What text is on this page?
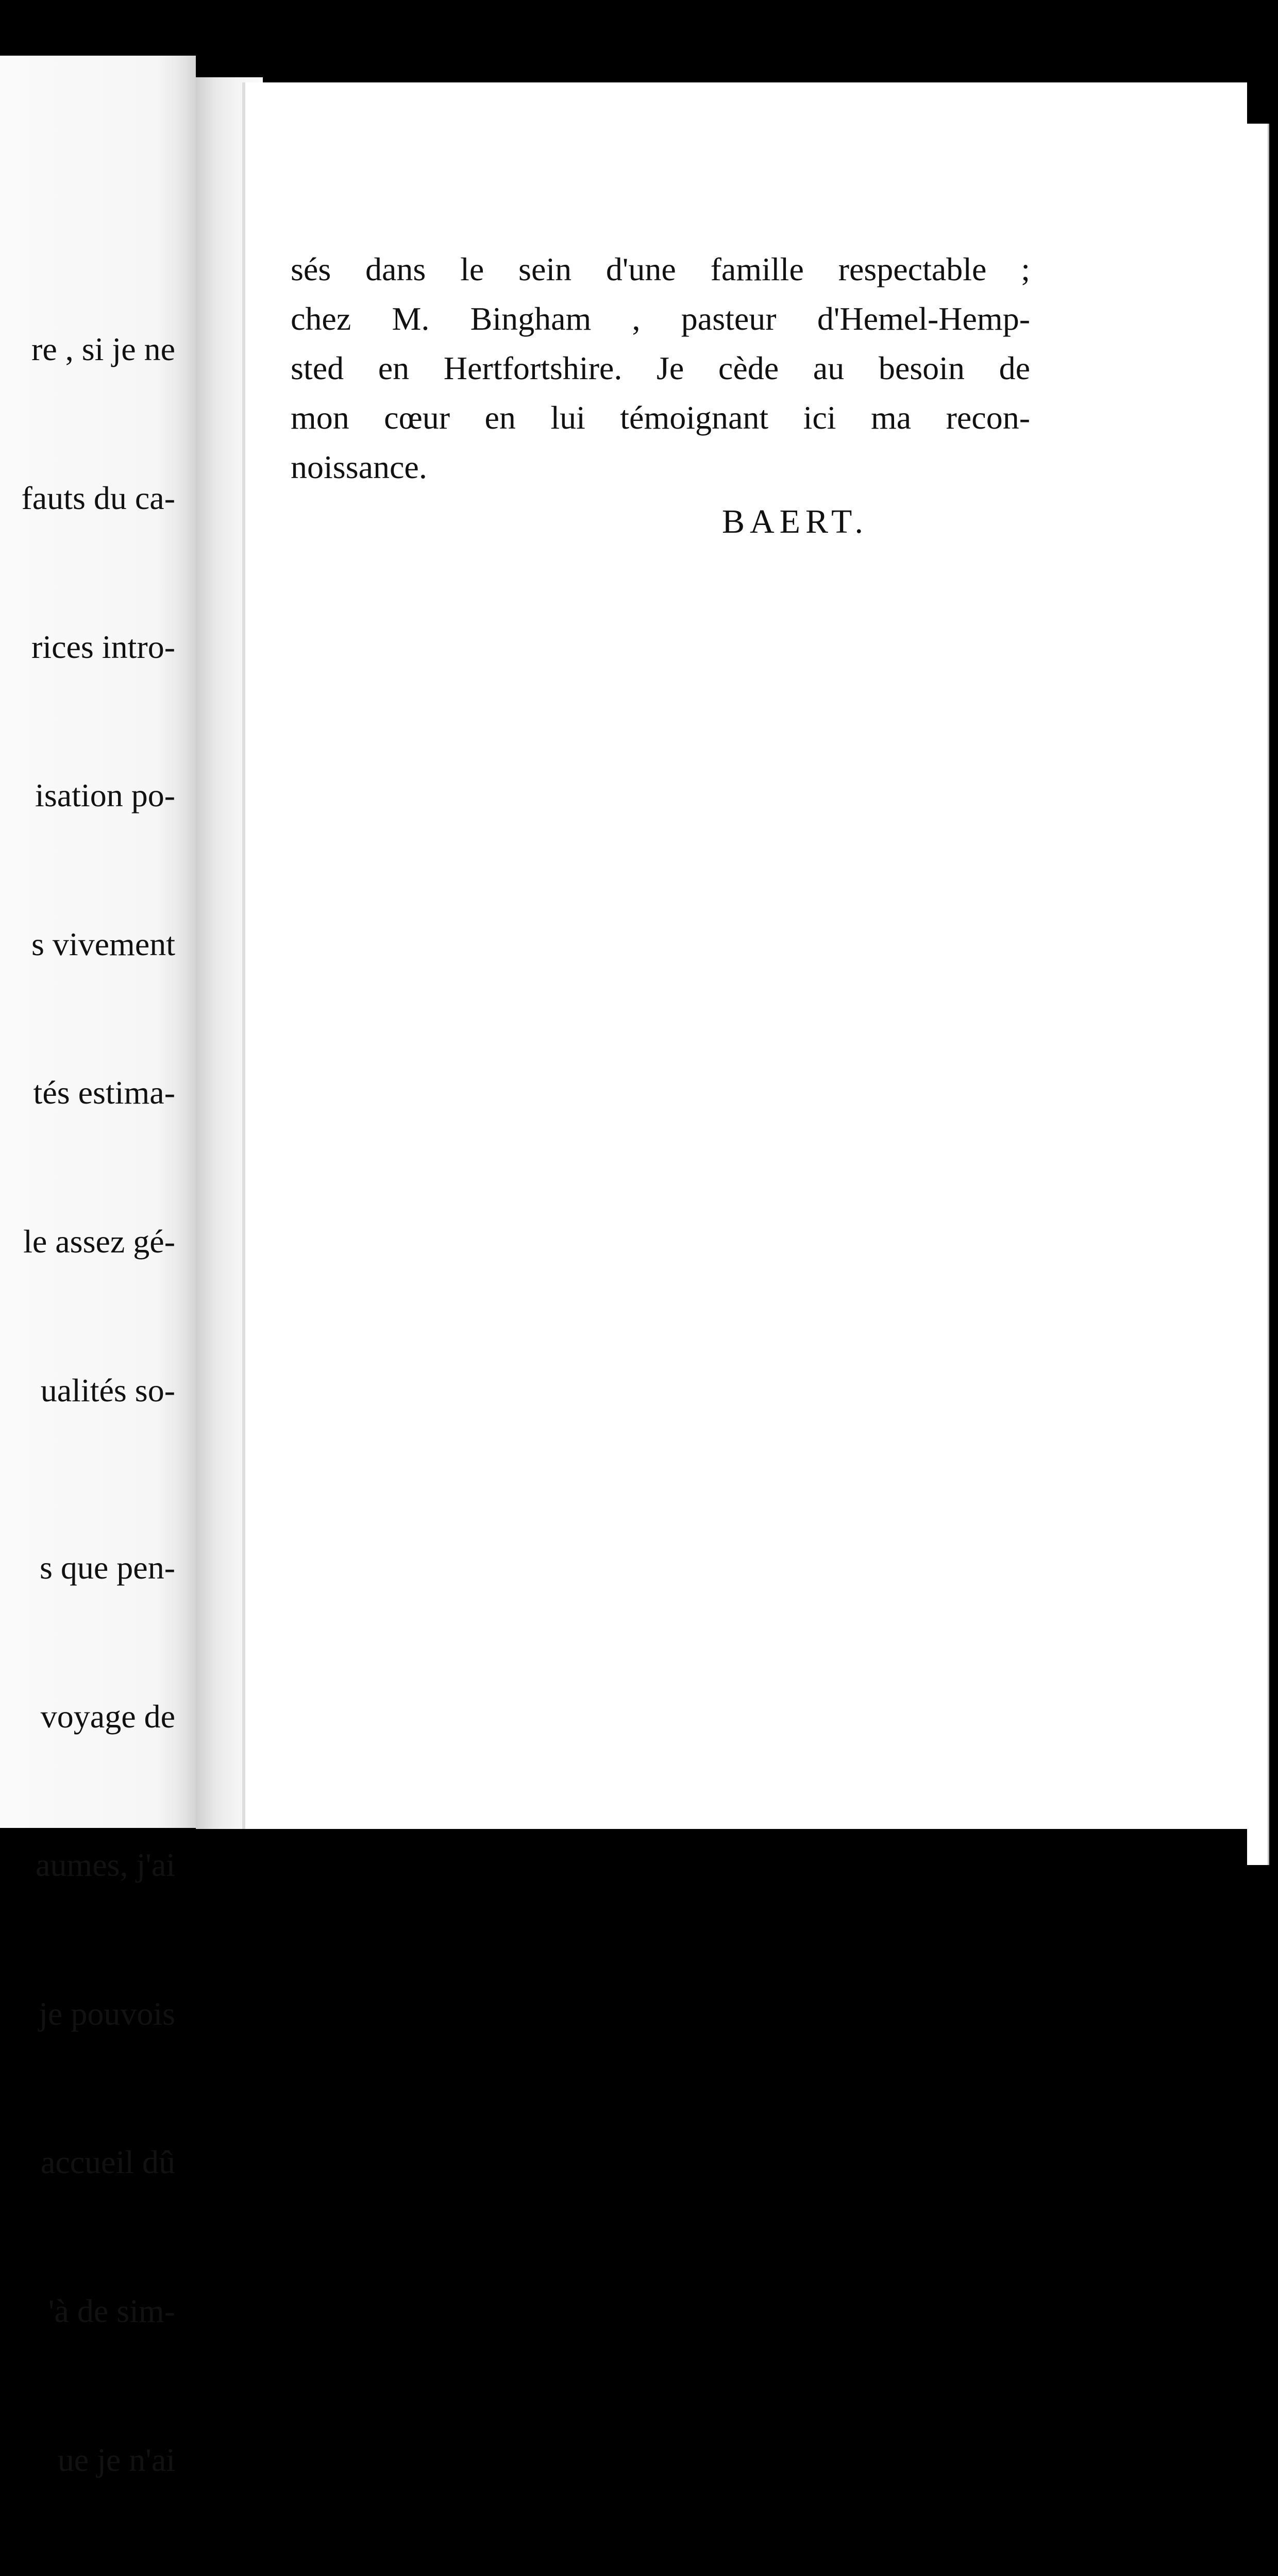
re , si je ne

fauts du ca-

rices intro-

isation po-

s vivement

tés estima-

le assez gé-

ualités so-

s que pen-

voyage de

aumes, j'ai

je pouvois

accueil dû

'à de sim-

ue je n'ai

sés dans le sein d'une famille respectable ;
chez M. Bingham , pasteur d'Hemel-Hemp-
sted en Hertfortshire. Je cède au besoin de
mon cœur en lui témoignant ici ma recon-
noissance.
BAERT.
